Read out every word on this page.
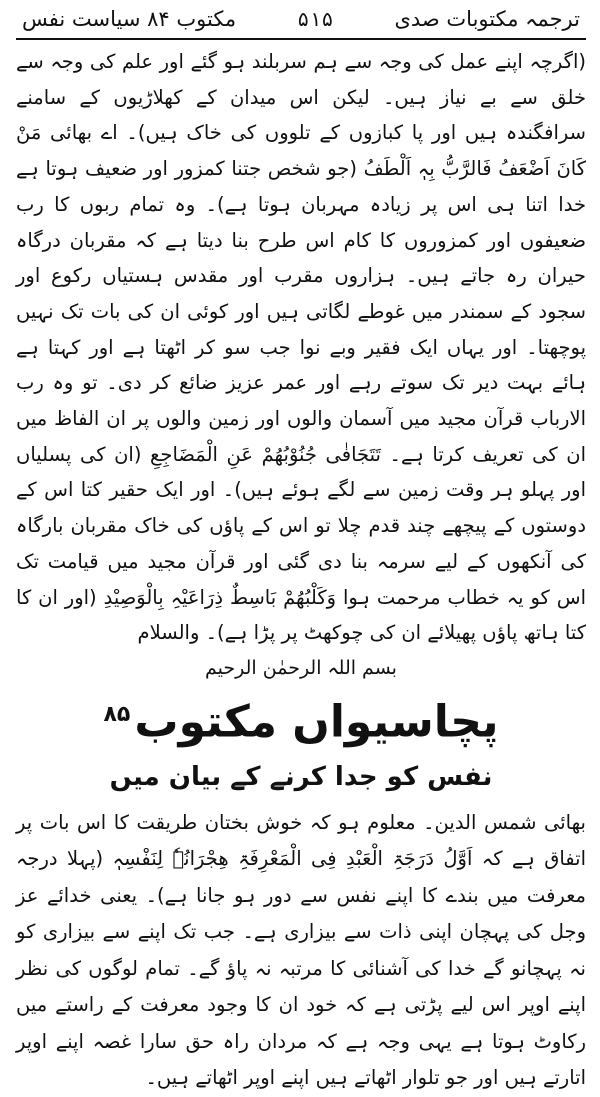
مکتوب ۸۴ سیاست نفس	۵۱۵	ترجمہ مکتوبات صدی

(اگرچہ اپنے عمل کی وجہ سے ہم سربلند ہو گئے اور علم کی وجہ سے خلق سے بے نیاز ہیں۔ لیکن اس میدان کے کھلاڑیوں کے سامنے سرافگندہ ہیں اور پا کبازوں کے تلووں کی خاک ہیں)۔ اے بھائی مَنْ کَانَ اَضْعَفُ فَالرَّبُّ بِہٖ اَلْطَفُ (جو شخص جتنا کمزور اور ضعیف ہوتا ہے خدا اتنا ہی اس پر زیادہ مہربان ہوتا ہے)۔ وہ تمام ربوں کا رب ضعیفوں اور کمزوروں کا کام اس طرح بنا دیتا ہے کہ مقربان درگاہ حیران رہ جاتے ہیں۔ ہزاروں مقرب اور مقدس ہستیاں رکوع اور سجود کے سمندر میں غوطے لگاتی ہیں اور کوئی ان کی بات تک نہیں پوچھتا۔ اور یہاں ایک فقیر وبے نوا جب سو کر اٹھتا ہے اور کہتا ہے ہائے بہت دیر تک سوتے رہے اور عمر عزیز ضائع کر دی۔ تو وہ رب الارباب قرآن مجید میں آسمان والوں اور زمین والوں پر ان الفاظ میں ان کی تعریف کرتا ہے۔ تَتَجَافٰی جُنُوْبُھُمْ عَنِ الْمَضَاجِعِ (ان کی پسلیاں اور پہلو ہر وقت زمین سے لگے ہوئے ہیں)۔ اور ایک حقیر کتا اس کے دوستوں کے پیچھے چند قدم چلا تو اس کے پاؤں کی خاک مقربان بارگاہ کی آنکھوں کے لیے سرمہ بنا دی گئی اور قرآن مجید میں قیامت تک اس کو یہ خطاب مرحمت ہوا وَکَلْبُھُمْ بَاسِطٌ ذِرَاعَیْہِ بِالْوَصِیْدِ (اور ان کا کتا ہاتھ پاؤں پھیلائے ان کی چوکھٹ پر پڑا ہے)۔ والسلام

بسم اللہ الرحمٰن الرحیم

پچاسیواں مکتوب$^{۸۵}$

نفس کو جدا کرنے کے بیان میں

بھائی شمس الدین۔ معلوم ہو کہ خوش بختان طریقت کا اس بات پر اتفاق ہے کہ اَوَّلُ دَرَجَۃِ الْعَبْدِ فِی الْمَعْرِفَۃِ ھِجْرَانُہٗ لِنَفْسِہٖ (پہلا درجہ معرفت میں بندے کا اپنے نفس سے دور ہو جانا ہے)۔ یعنی خدائے عز وجل کی پہچان اپنی ذات سے بیزاری ہے۔ جب تک اپنے سے بیزاری کو نہ پہچانو گے خدا کی آشنائی کا مرتبہ نہ پاؤ گے۔ تمام لوگوں کی نظر اپنے اوپر اس لیے پڑتی ہے کہ خود ان کا وجود معرفت کے راستے میں رکاوٹ ہوتا ہے یہی وجہ ہے کہ مردان راہ حق سارا غصہ اپنے اوپر اتارتے ہیں اور جو تلوار اٹھاتے ہیں اپنے اوپر اٹھاتے ہیں۔
